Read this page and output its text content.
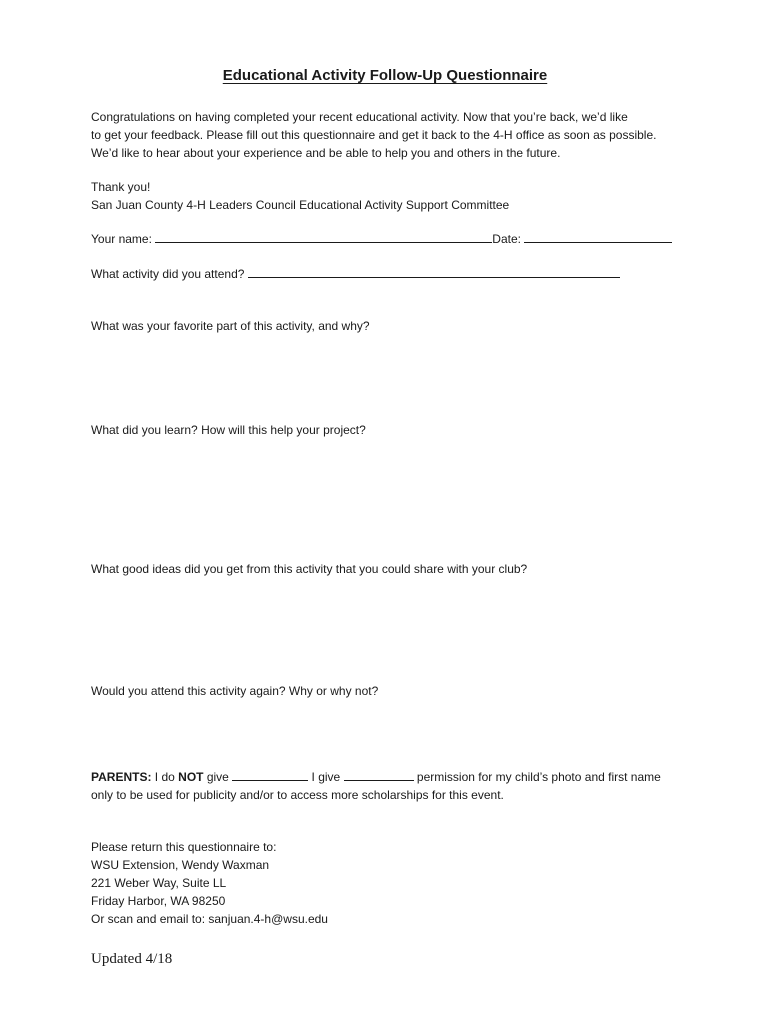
Educational Activity Follow-Up Questionnaire
Congratulations on having completed your recent educational activity. Now that you’re back, we’d like
to get your feedback. Please fill out this questionnaire and get it back to the 4-H office as soon as possible.
We’d like to hear about your experience and be able to help you and others in the future.
Thank you!
San Juan County 4-H Leaders Council Educational Activity Support Committee
Your name:	Date:
What activity did you attend?
What was your favorite part of this activity, and why?
What did you learn? How will this help your project?
What good ideas did you get from this activity that you could share with your club?
Would you attend this activity again? Why or why not?
PARENTS: I do NOT give	I give	permission for my child’s photo and first name
only to be used for publicity and/or to access more scholarships for this event.
Please return this questionnaire to:
WSU Extension, Wendy Waxman
221 Weber Way, Suite LL
Friday Harbor, WA 98250
Or scan and email to: sanjuan.4-h@wsu.edu
Updated 4/18
